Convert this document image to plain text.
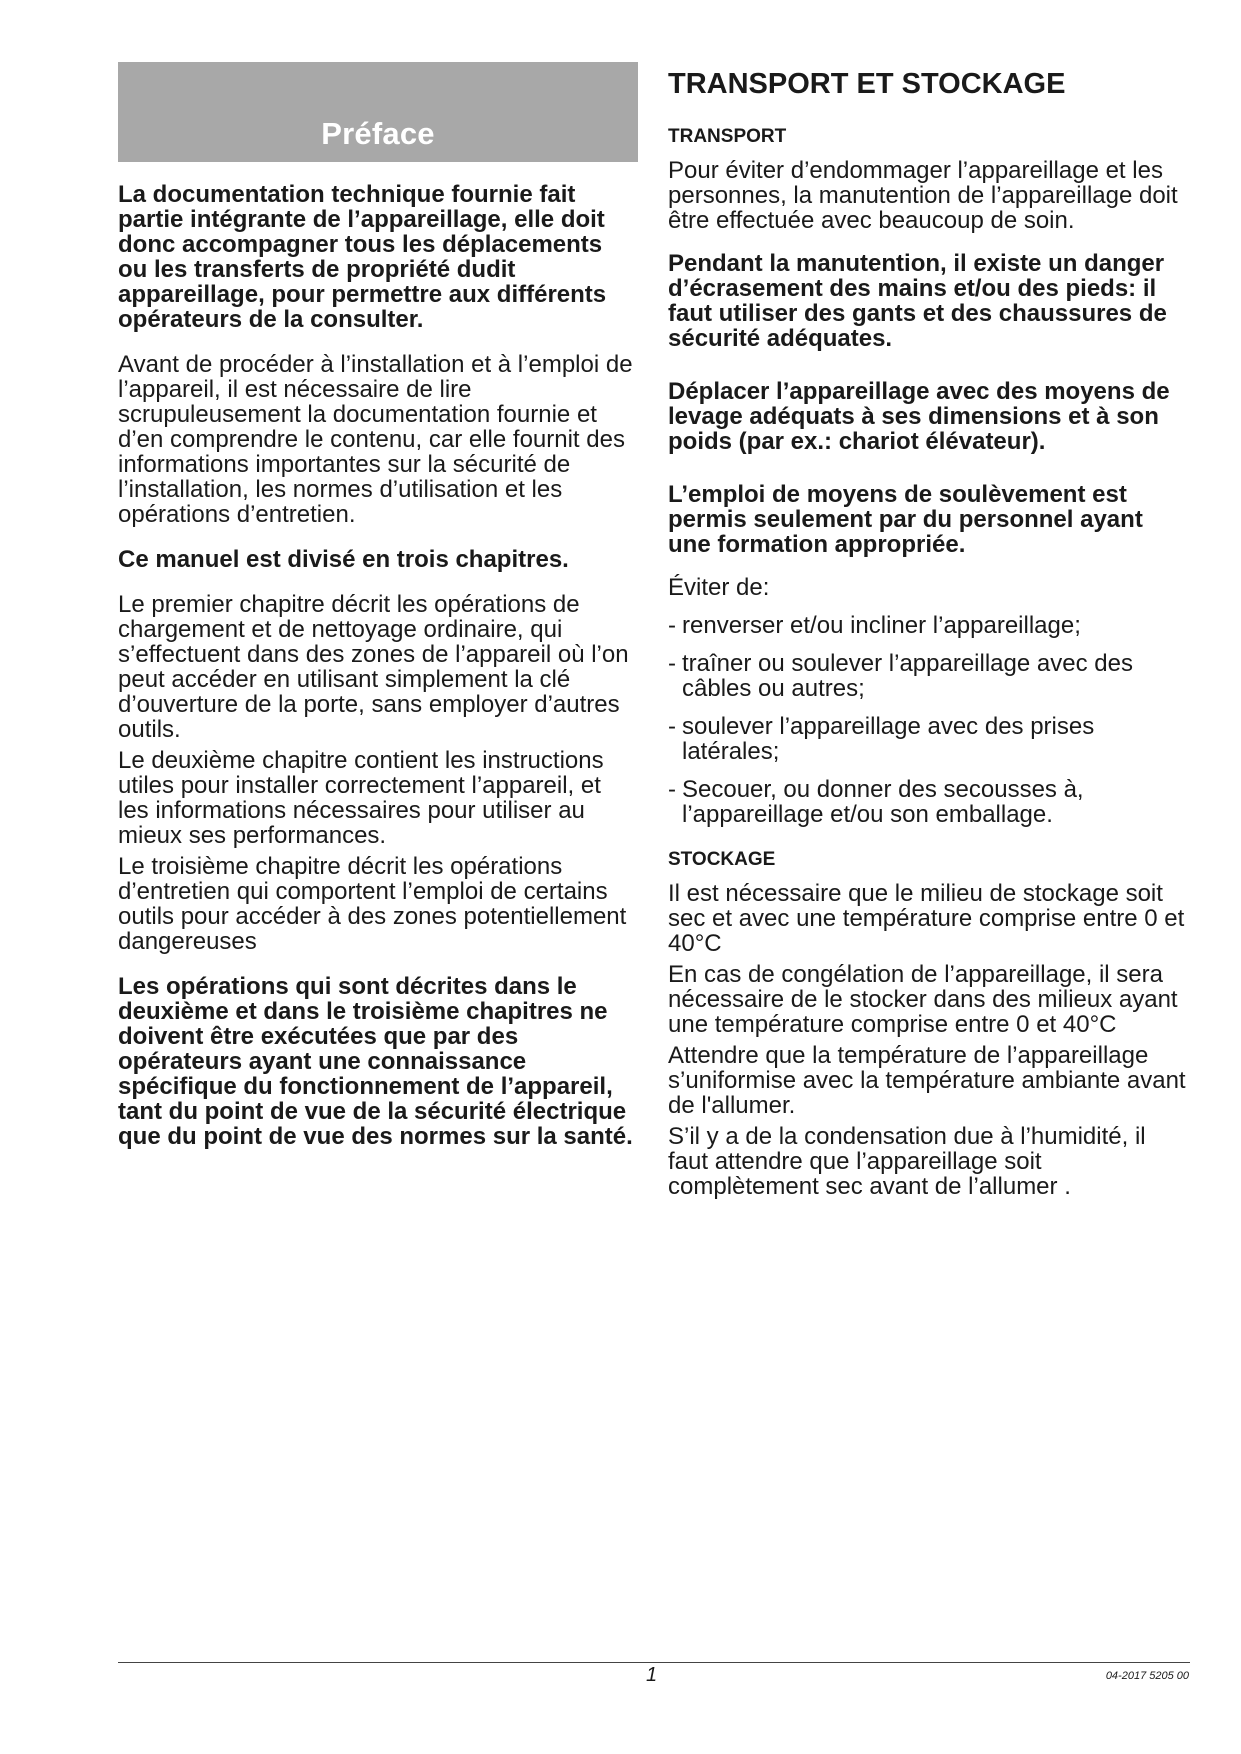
Préface

La documentation technique fournie fait partie intégrante de l’appareillage, elle doit donc accompagner tous les déplacements ou les transferts de propriété dudit appareillage, pour permettre aux différents opérateurs de la consulter.

Avant de procéder à l’installation et à l’emploi de l’appareil, il est nécessaire de lire scrupuleusement la documentation fournie et d’en comprendre le contenu, car elle fournit des informations importantes sur la sécurité de l’installation, les normes d’utilisation et les opérations d’entretien.

Ce manuel est divisé en trois chapitres.

Le premier chapitre décrit les opérations de chargement et de nettoyage ordinaire, qui s’effectuent dans des zones de l’appareil où l’on peut accéder en utilisant simplement la clé d’ouverture de la porte, sans employer d’autres outils.

Le deuxième chapitre contient les instructions utiles pour installer correctement l’appareil, et les informations nécessaires pour utiliser au mieux ses performances.

Le troisième chapitre décrit les opérations d’entretien qui comportent l’emploi de certains outils pour accéder à des zones potentiellement dangereuses

Les opérations qui sont décrites dans le deuxième et dans le troisième chapitres ne doivent être exécutées que par des opérateurs ayant une connaissance spécifique du fonctionnement de l’appareil, tant du point de vue de la sécurité électrique que du point de vue des normes sur la santé.

TRANSPORT ET STOCKAGE
TRANSPORT

Pour éviter d’endommager l’appareillage et les personnes, la manutention de l’appareillage doit être effectuée avec beaucoup de soin.

Pendant la manutention, il existe un danger d’écrasement des mains et/ou des pieds: il faut utiliser des gants et des chaussures de sécurité adéquates.

Déplacer l’appareillage avec des moyens de levage adéquats à ses dimensions et à son poids (par ex.: chariot élévateur).

L’emploi de moyens de soulèvement est permis seulement par du personnel ayant une formation appropriée.

Éviter de:

- renverser et/ou incliner l’appareillage;
- traîner ou soulever l’appareillage avec des câbles ou autres;
- soulever l’appareillage avec des prises latérales;
- Secouer, ou donner des secousses à, l’appareillage et/ou son emballage.
STOCKAGE

Il est nécessaire que le milieu de stockage soit sec et avec une température comprise entre 0 et 40°C

En cas de congélation de l’appareillage, il sera nécessaire de le stocker dans des milieux ayant une température comprise entre 0 et 40°C

Attendre que la température de l’appareillage s’uniformise avec la température ambiante avant de l'allumer.

S’il y a de la condensation due à l’humidité, il faut attendre que l’appareillage soit complètement sec avant de l’allumer .

1	04-2017 5205 00
